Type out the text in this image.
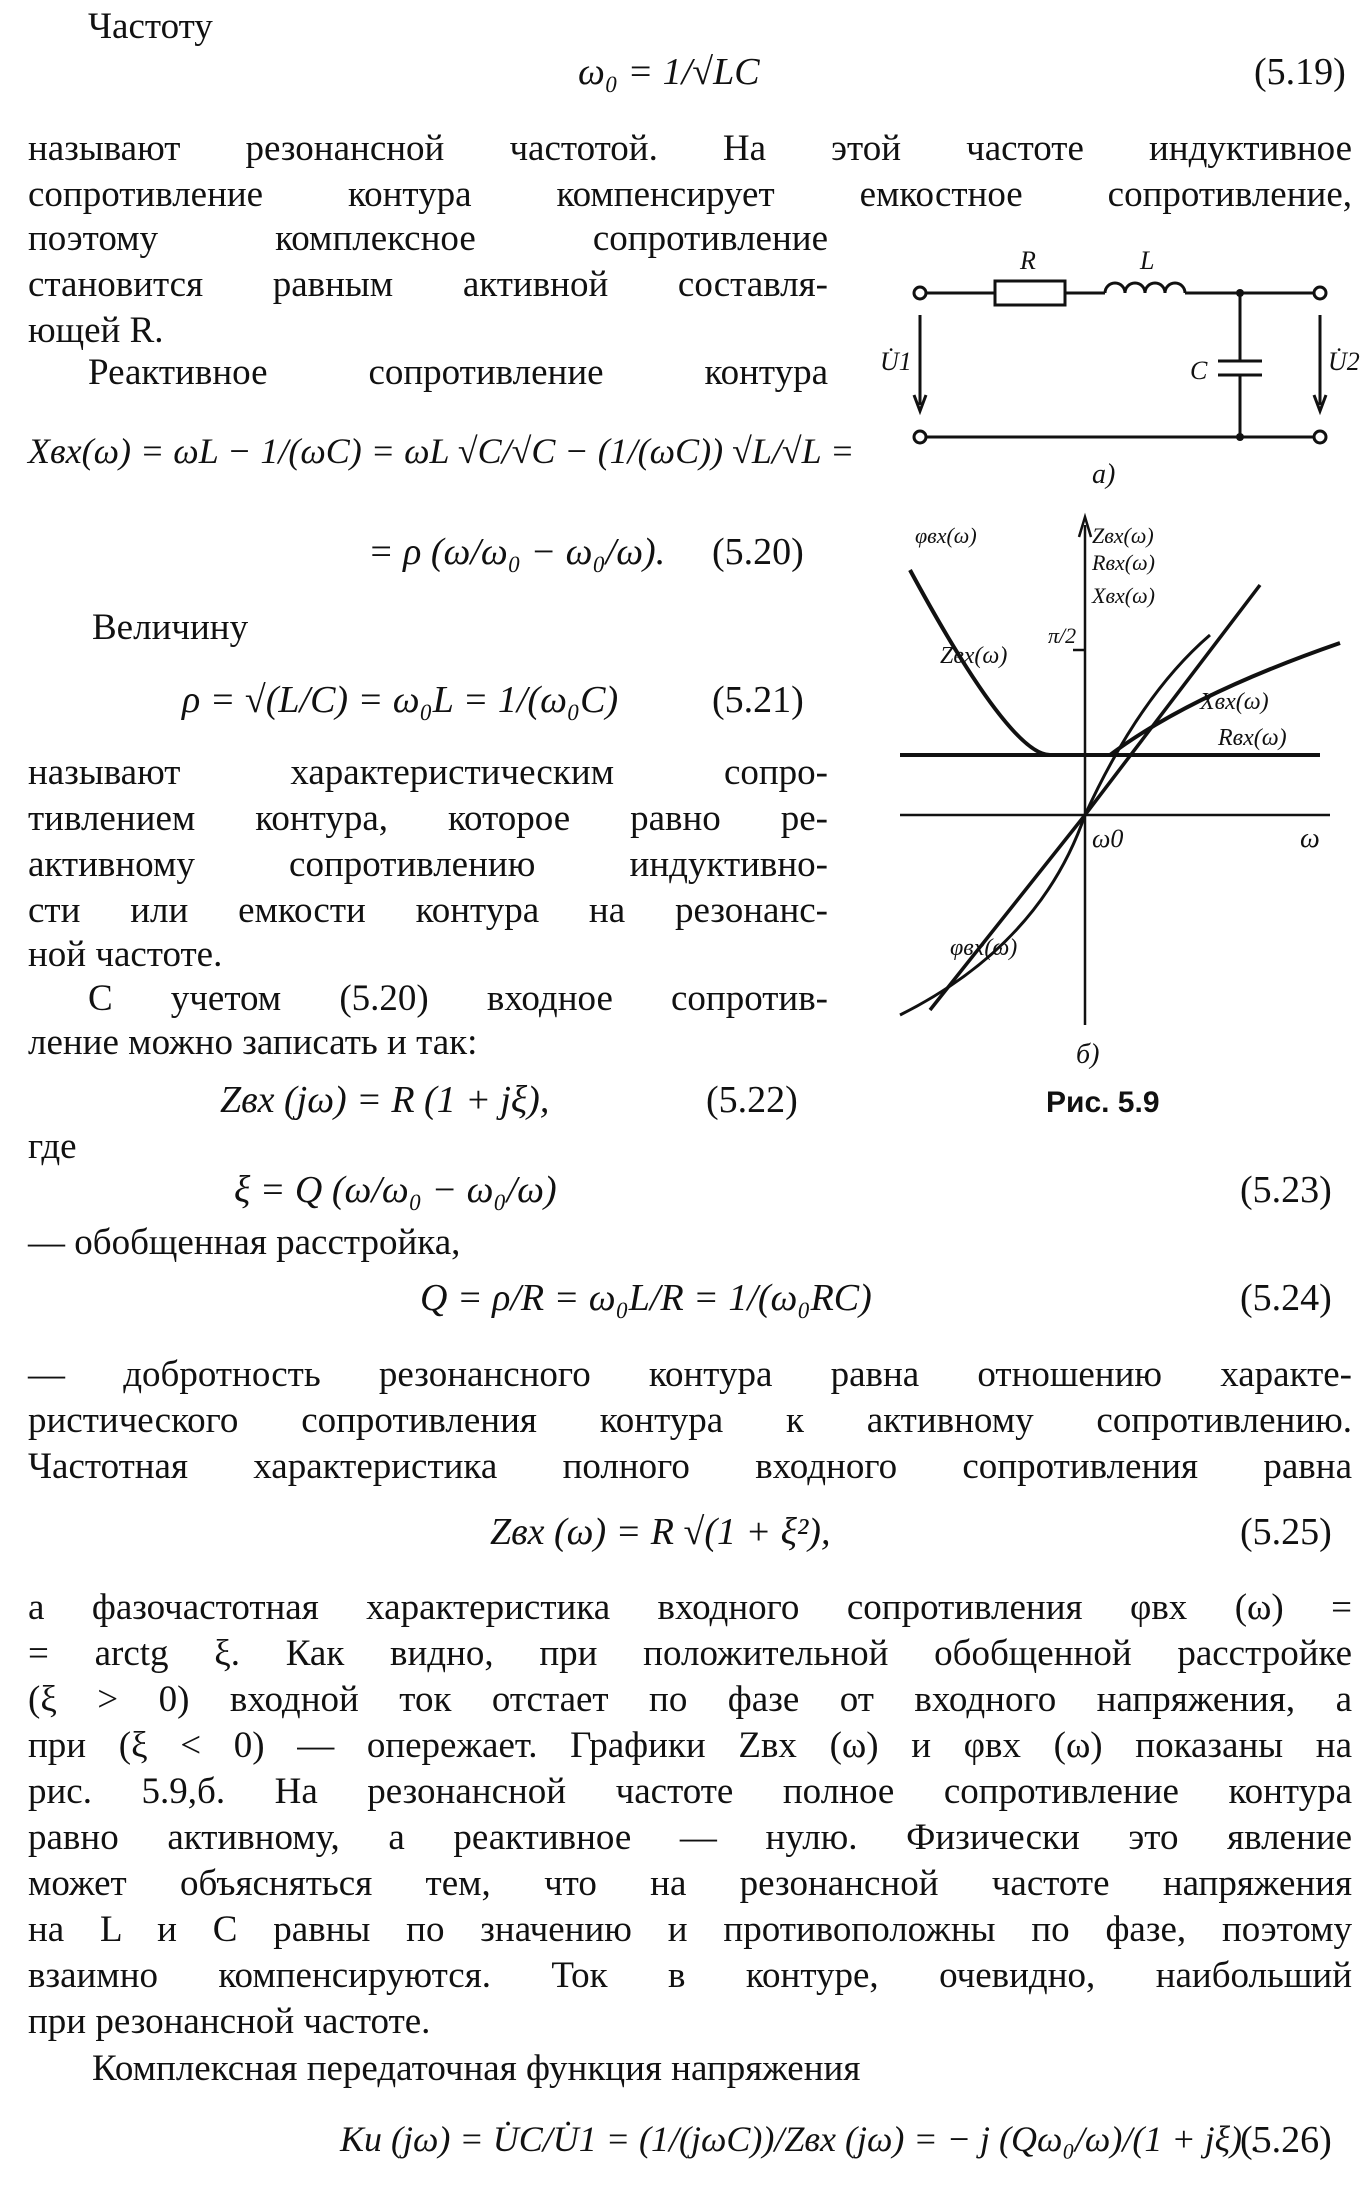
Частоту
ω₀ = 1/√LC	(5.19)
называют резонансной частотой. На этой частоте индуктивное
сопротивление контура компенсирует емкостное сопротивление,
поэтому комплексное сопротивление
становится равным активной составля-
ющей R.
Реактивное сопротивление контура
Xвх(ω) = ωL − 1/(ωC) = ωL √C/√C − (1/(ωC)) √L/√L =
= ρ (ω/ω₀ − ω₀/ω). (5.20)
Величину
ρ = √(L/C) = ω₀L = 1/(ω₀C) (5.21)
называют характеристическим сопро-
тивлением контура, которое равно ре-
активному сопротивлению индуктивно-
сти или емкости контура на резонанс-
ной частоте.
С учетом (5.20) входное сопротив-
ление можно записать и так:
Zвх (jω) = R (1 + jξ),	(5.22)
где
ξ = Q (ω/ω₀ − ω₀/ω)	(5.23)
— обобщенная расстройка,
Q = ρ/R = ω₀L/R = 1/(ω₀RC)	(5.24)
— добротность резонансного контура равна отношению характе-
ристического сопротивления контура к активному сопротивлению.
Частотная характеристика полного входного сопротивления равна
Zвх (ω) = R √(1 + ξ²),	(5.25)
а фазочастотная характеристика входного сопротивления φвх (ω) =
= arctg ξ. Как видно, при положительной обобщенной расстройке
(ξ > 0) входной ток отстает по фазе от входного напряжения, а
при (ξ < 0) — опережает. Графики Zвх (ω) и φвх (ω) показаны на
рис. 5.9,б. На резонансной частоте полное сопротивление контура
равно активному, а реактивное — нулю. Физически это явление
может объясняться тем, что на резонансной частоте напряжения
на L и C равны по значению и противоположны по фазе, поэтому
взаимно компенсируются. Ток в контуре, очевидно, наибольший
при резонансной частоте.
Комплексная передаточная функция напряжения
Ku (jω) = U̇C/U̇1 = (1/(jωC))/Zвх (jω) = − j (Qω₀/ω)/(1 + jξ) .
(5.26)
R	L
C
U̇1	U̇2
а)
φвх(ω)	Zвх(ω)
Rвх(ω)
π/2
Xвх(ω)
Zвх(ω)
Xвх(ω)
Rвх(ω)
ω0	ω
φвх(ω)
б)
Рис. 5.9
